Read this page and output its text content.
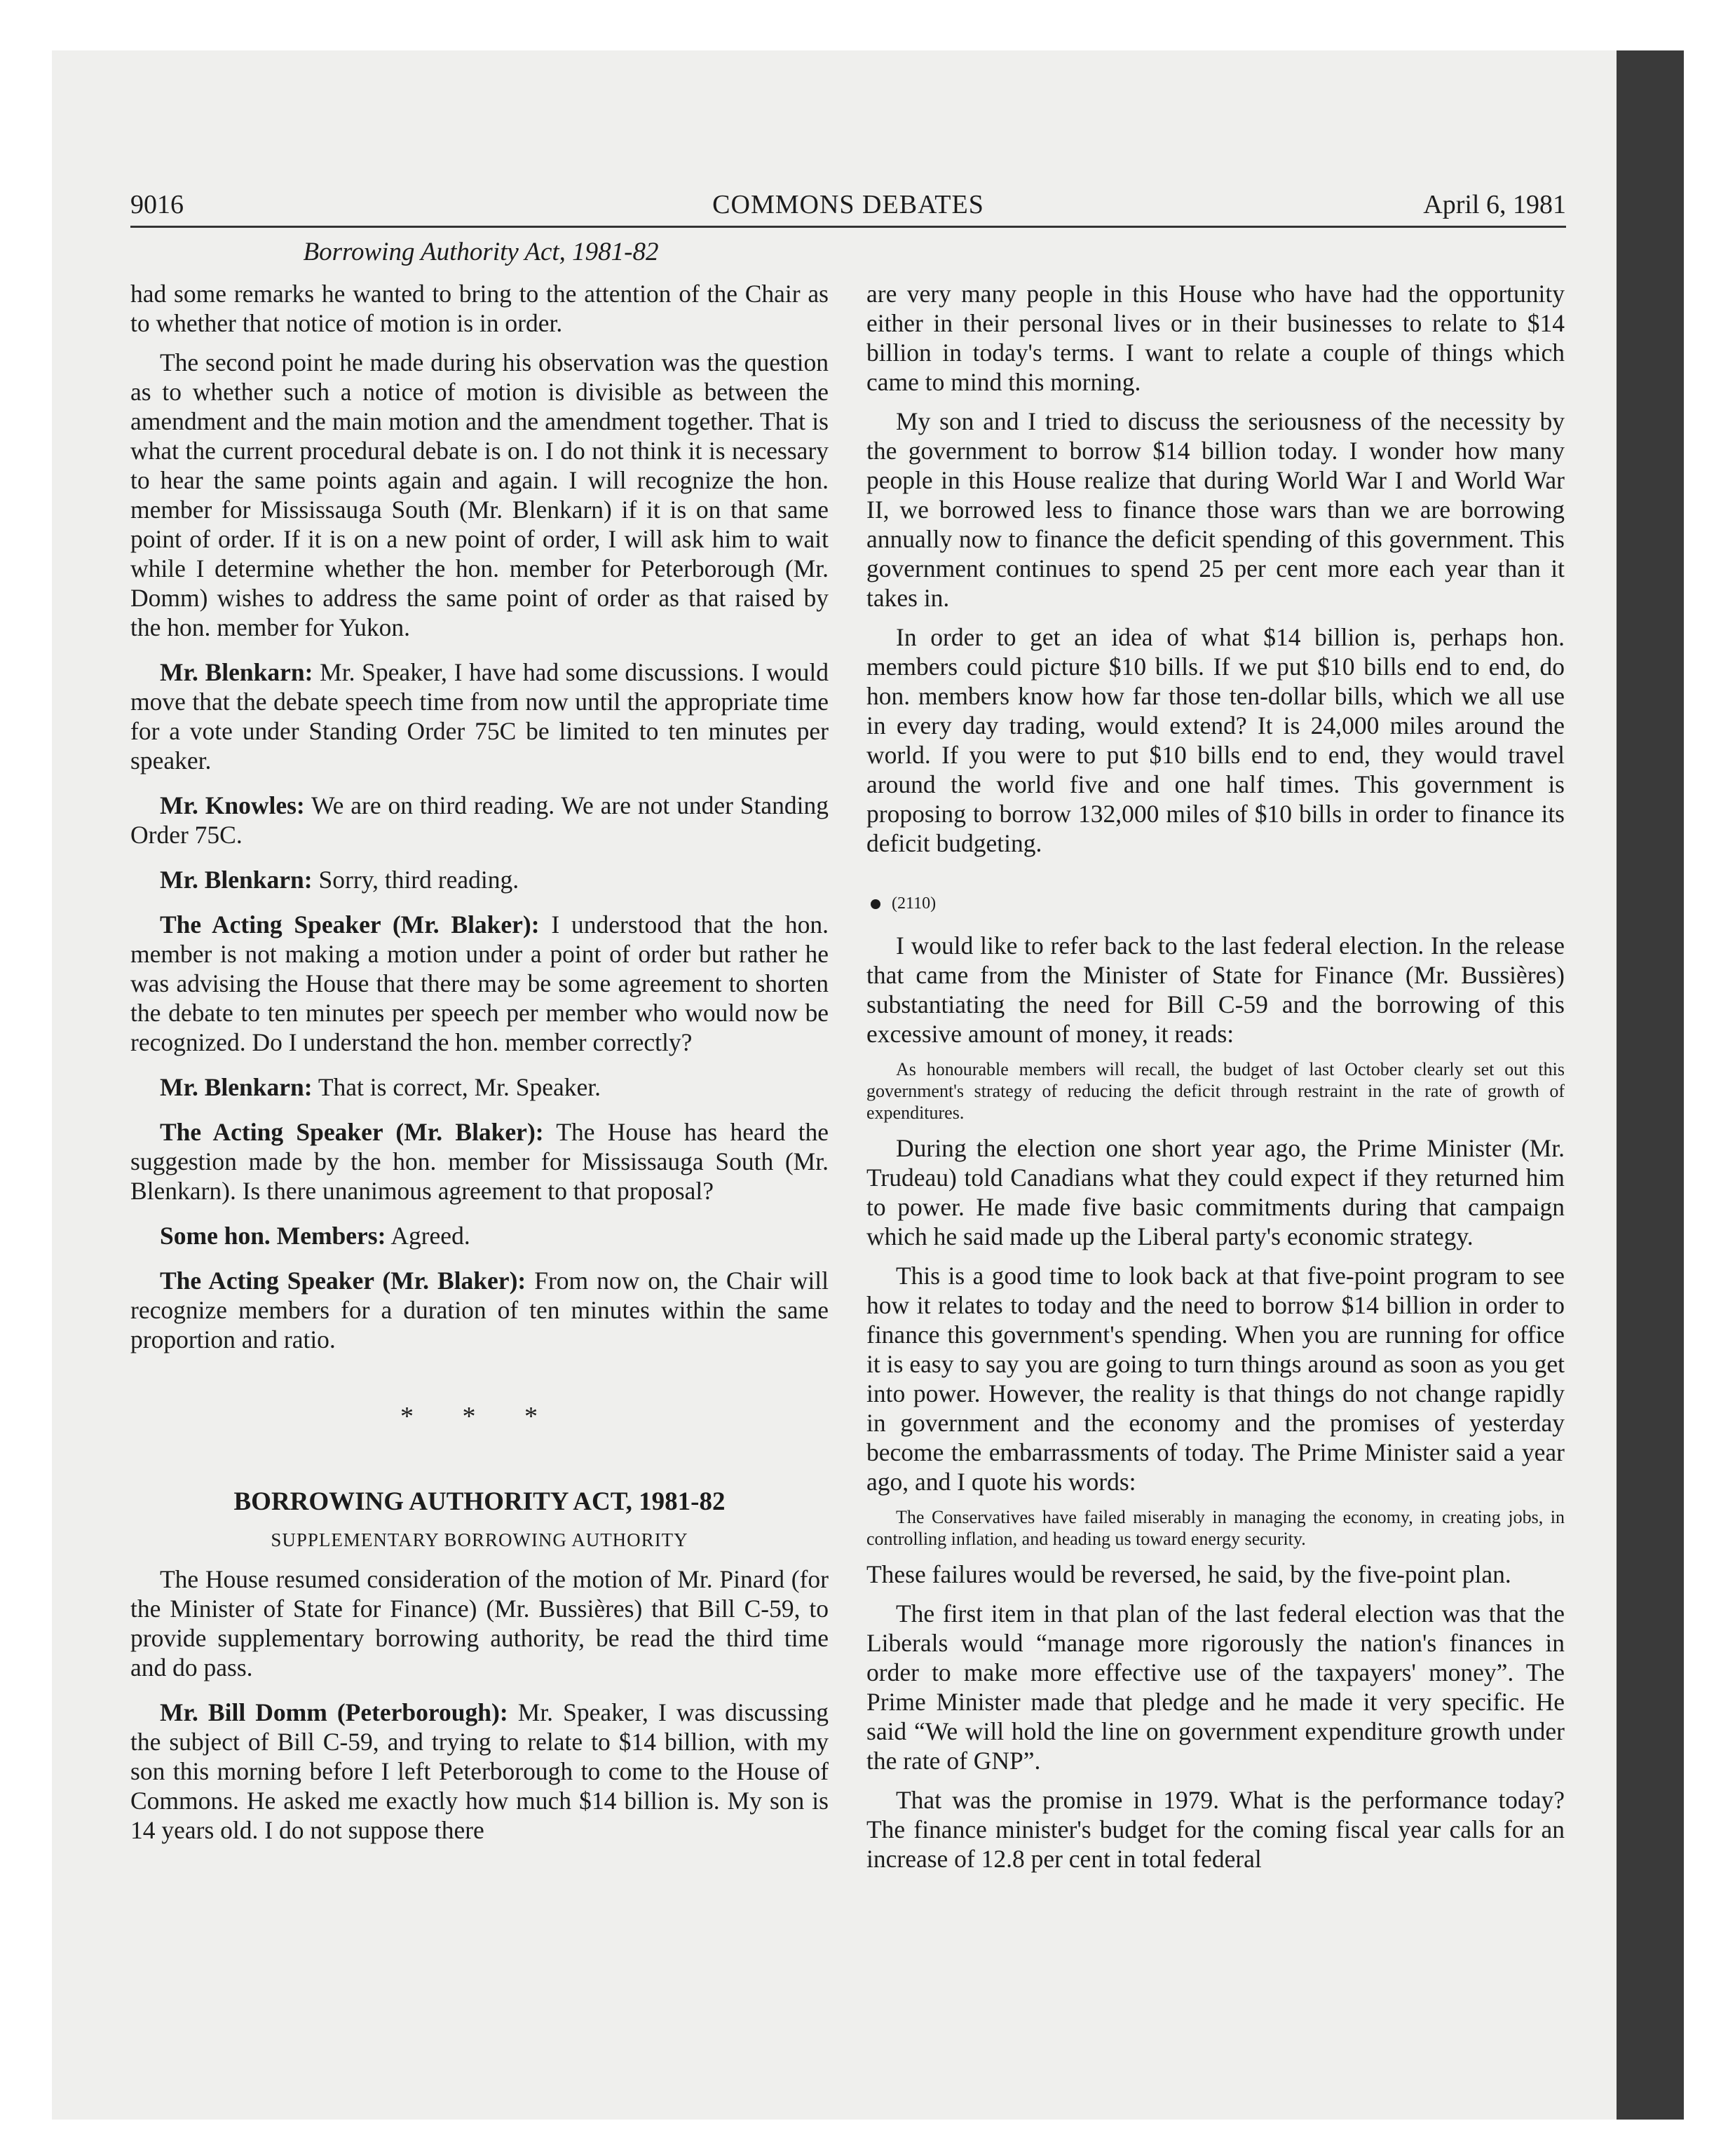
9016	COMMONS DEBATES	April 6, 1981
Borrowing Authority Act, 1981-82

had some remarks he wanted to bring to the attention of the Chair as to whether that notice of motion is in order.

The second point he made during his observation was the question as to whether such a notice of motion is divisible as between the amendment and the main motion and the amendment together. That is what the current procedural debate is on. I do not think it is necessary to hear the same points again and again. I will recognize the hon. member for Mississauga South (Mr. Blenkarn) if it is on that same point of order. If it is on a new point of order, I will ask him to wait while I determine whether the hon. member for Peterborough (Mr. Domm) wishes to address the same point of order as that raised by the hon. member for Yukon.

Mr. Blenkarn: Mr. Speaker, I have had some discussions. I would move that the debate speech time from now until the appropriate time for a vote under Standing Order 75C be limited to ten minutes per speaker.

Mr. Knowles: We are on third reading. We are not under Standing Order 75C.

Mr. Blenkarn: Sorry, third reading.

The Acting Speaker (Mr. Blaker): I understood that the hon. member is not making a motion under a point of order but rather he was advising the House that there may be some agreement to shorten the debate to ten minutes per speech per member who would now be recognized. Do I understand the hon. member correctly?

Mr. Blenkarn: That is correct, Mr. Speaker.

The Acting Speaker (Mr. Blaker): The House has heard the suggestion made by the hon. member for Mississauga South (Mr. Blenkarn). Is there unanimous agreement to that proposal?

Some hon. Members: Agreed.

The Acting Speaker (Mr. Blaker): From now on, the Chair will recognize members for a duration of ten minutes within the same proportion and ratio.

* * *
BORROWING AUTHORITY ACT, 1981-82
SUPPLEMENTARY BORROWING AUTHORITY

The House resumed consideration of the motion of Mr. Pinard (for the Minister of State for Finance) (Mr. Bussières) that Bill C-59, to provide supplementary borrowing authority, be read the third time and do pass.

Mr. Bill Domm (Peterborough): Mr. Speaker, I was discussing the subject of Bill C-59, and trying to relate to $14 billion, with my son this morning before I left Peterborough to come to the House of Commons. He asked me exactly how much $14 billion is. My son is 14 years old. I do not suppose there

are very many people in this House who have had the opportunity either in their personal lives or in their businesses to relate to $14 billion in today's terms. I want to relate a couple of things which came to mind this morning.

My son and I tried to discuss the seriousness of the necessity by the government to borrow $14 billion today. I wonder how many people in this House realize that during World War I and World War II, we borrowed less to finance those wars than we are borrowing annually now to finance the deficit spending of this government. This government continues to spend 25 per cent more each year than it takes in.

In order to get an idea of what $14 billion is, perhaps hon. members could picture $10 bills. If we put $10 bills end to end, do hon. members know how far those ten-dollar bills, which we all use in every day trading, would extend? It is 24,000 miles around the world. If you were to put $10 bills end to end, they would travel around the world five and one half times. This government is proposing to borrow 132,000 miles of $10 bills in order to finance its deficit budgeting.

(2110)

I would like to refer back to the last federal election. In the release that came from the Minister of State for Finance (Mr. Bussières) substantiating the need for Bill C-59 and the borrowing of this excessive amount of money, it reads:

As honourable members will recall, the budget of last October clearly set out this government's strategy of reducing the deficit through restraint in the rate of growth of expenditures.

During the election one short year ago, the Prime Minister (Mr. Trudeau) told Canadians what they could expect if they returned him to power. He made five basic commitments during that campaign which he said made up the Liberal party's economic strategy.

This is a good time to look back at that five-point program to see how it relates to today and the need to borrow $14 billion in order to finance this government's spending. When you are running for office it is easy to say you are going to turn things around as soon as you get into power. However, the reality is that things do not change rapidly in government and the economy and the promises of yesterday become the embarrassments of today. The Prime Minister said a year ago, and I quote his words:

The Conservatives have failed miserably in managing the economy, in creating jobs, in controlling inflation, and heading us toward energy security.

These failures would be reversed, he said, by the five-point plan.

The first item in that plan of the last federal election was that the Liberals would “manage more rigorously the nation's finances in order to make more effective use of the taxpayers' money”. The Prime Minister made that pledge and he made it very specific. He said “We will hold the line on government expenditure growth under the rate of GNP”.

That was the promise in 1979. What is the performance today? The finance minister's budget for the coming fiscal year calls for an increase of 12.8 per cent in total federal
